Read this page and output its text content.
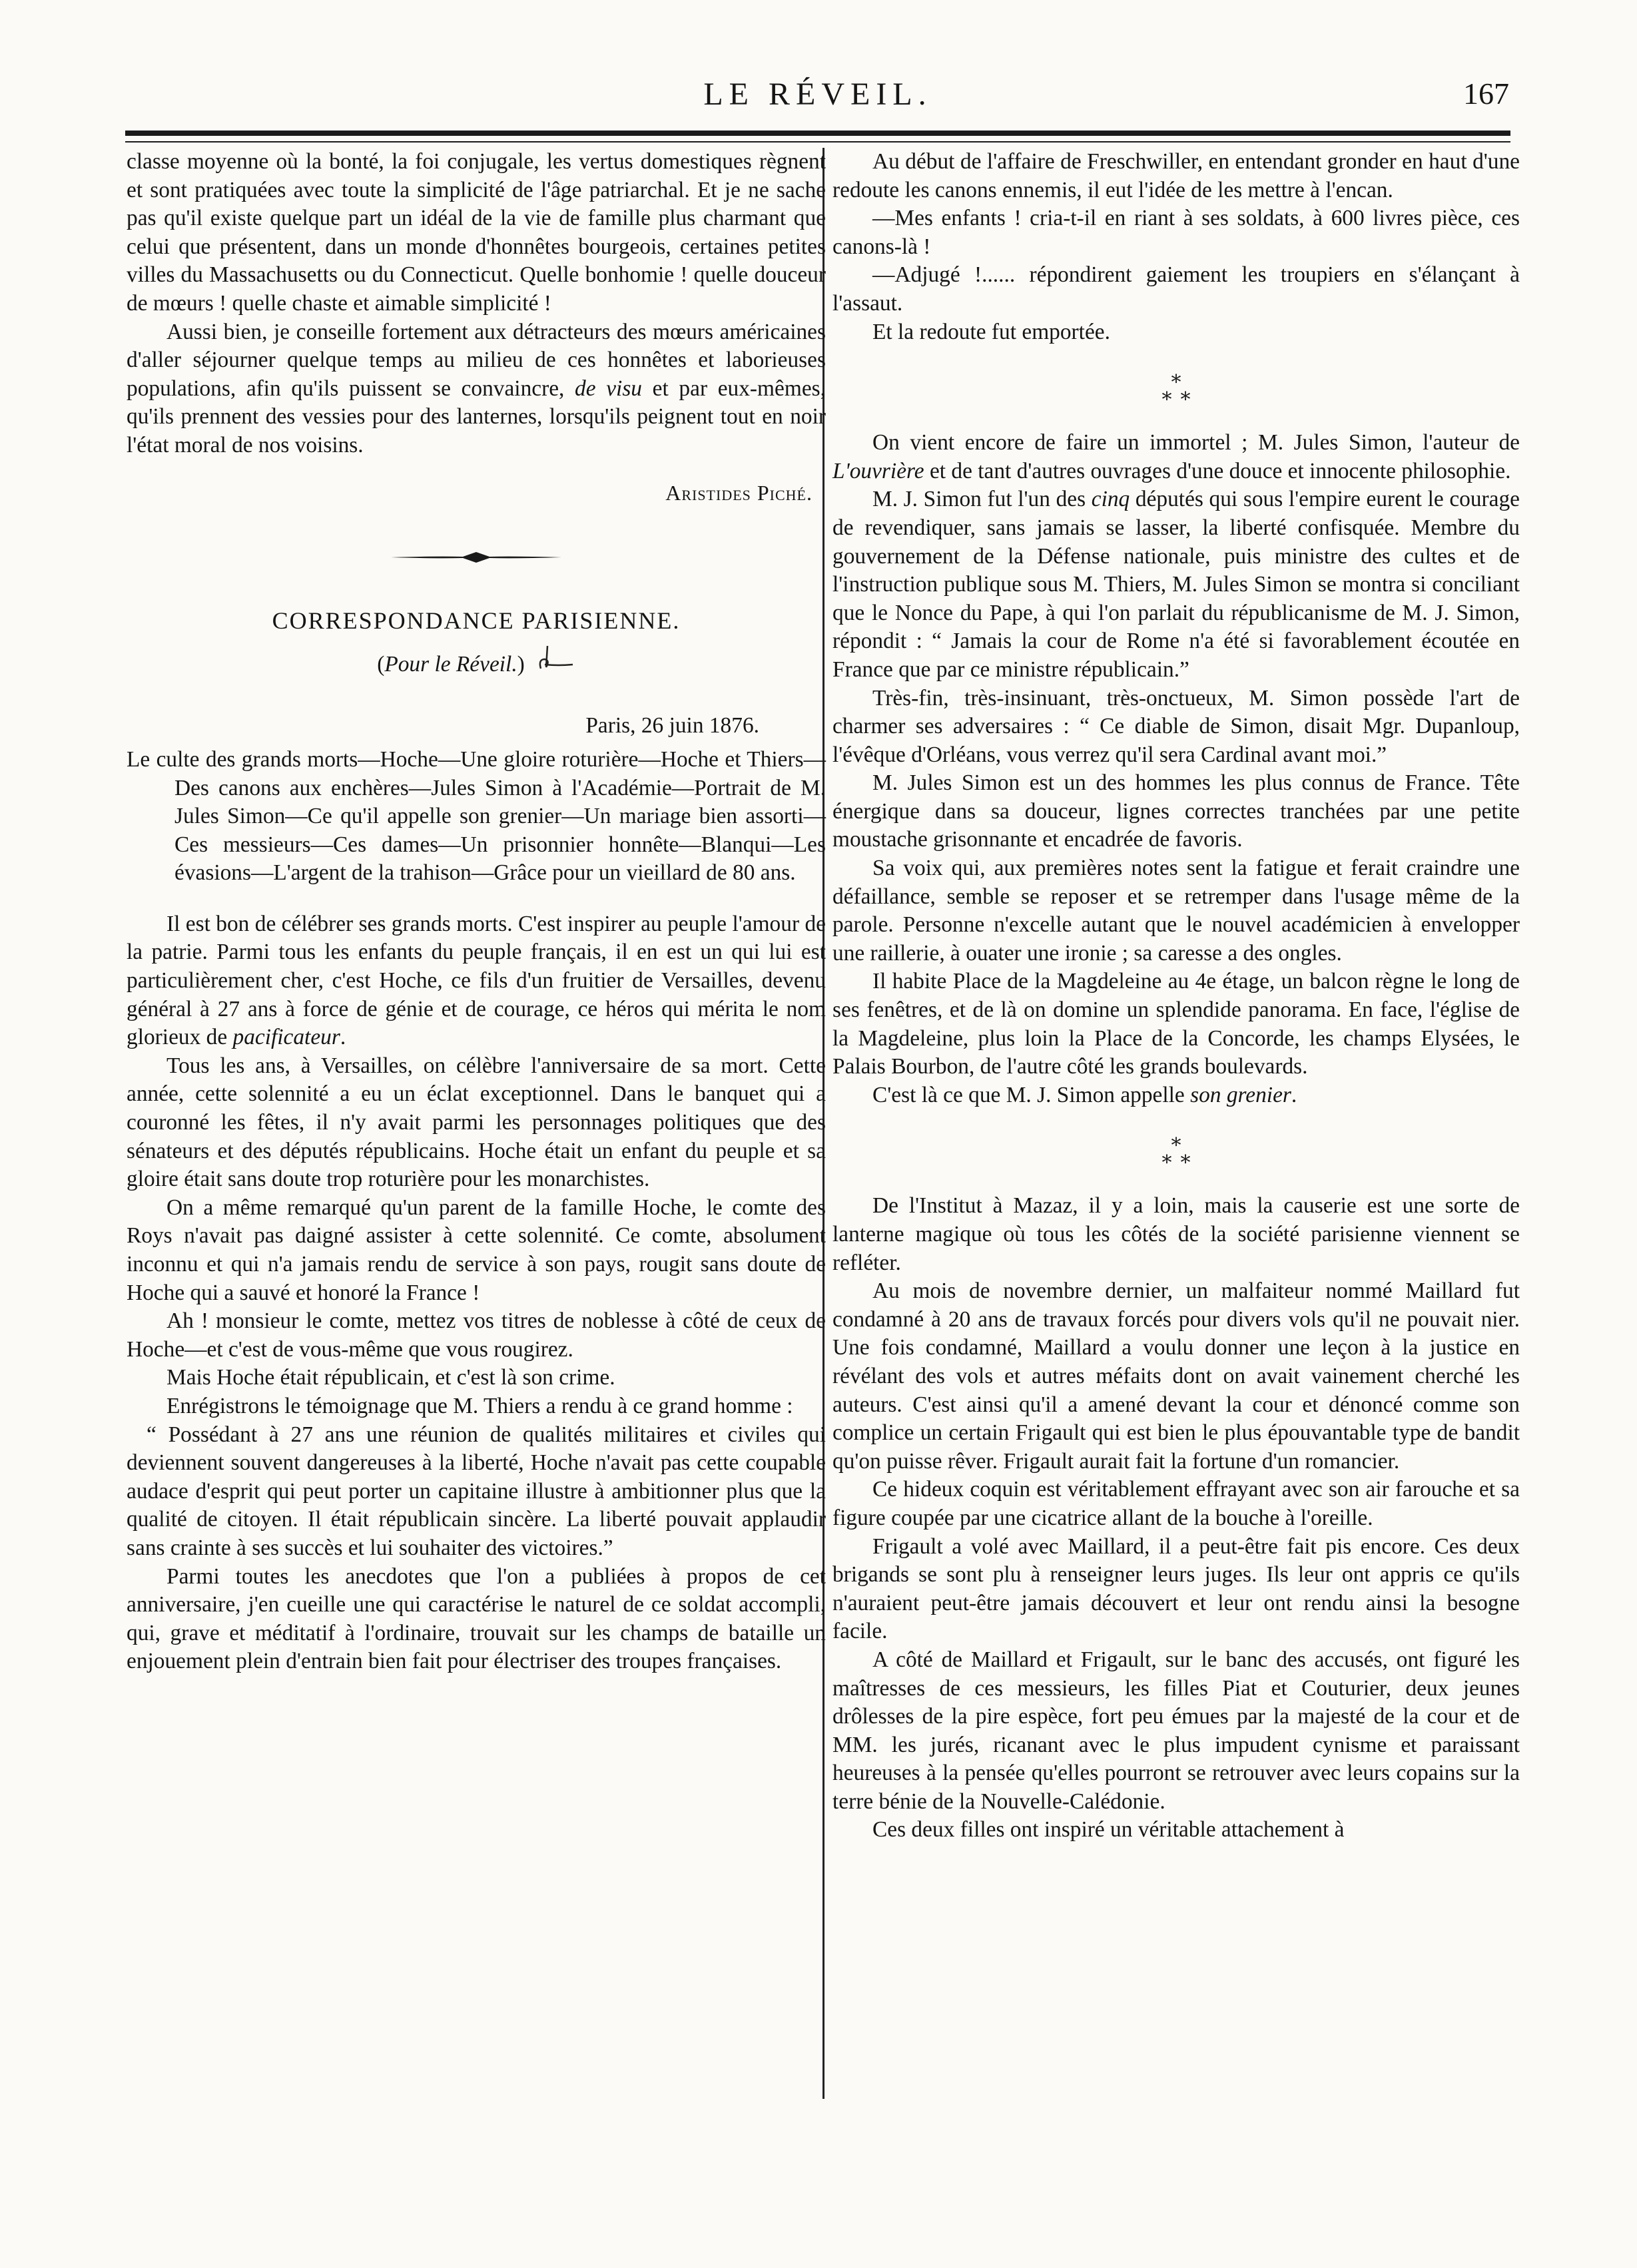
LE RÉVEIL.	167

classe moyenne où la bonté, la foi conjugale, les vertus domestiques règnent et sont pratiquées avec toute la simplicité de l'âge patriarchal. Et je ne sache pas qu'il existe quelque part un idéal de la vie de famille plus charmant que celui que présentent, dans un monde d'honnêtes bourgeois, certaines petites villes du Massachusetts ou du Connecticut. Quelle bonhomie ! quelle douceur de mœurs ! quelle chaste et aimable simplicité !

Aussi bien, je conseille fortement aux détracteurs des mœurs américaines d'aller séjourner quelque temps au milieu de ces honnêtes et laborieuses populations, afin qu'ils puissent se convaincre, de visu et par eux-mêmes, qu'ils prennent des vessies pour des lanternes, lorsqu'ils peignent tout en noir l'état moral de nos voisins.

Aristides Piché.

CORRESPONDANCE PARISIENNE.
(Pour le Réveil.)

Paris, 26 juin 1876.

Le culte des grands morts—Hoche—Une gloire roturière—Hoche et Thiers—Des canons aux enchères—Jules Simon à l'Académie—Portrait de M. Jules Simon—Ce qu'il appelle son grenier—Un mariage bien assorti—Ces messieurs—Ces dames—Un prisonnier honnête—Blanqui—Les évasions—L'argent de la trahison—Grâce pour un vieillard de 80 ans.

Il est bon de célébrer ses grands morts. C'est inspirer au peuple l'amour de la patrie. Parmi tous les enfants du peuple français, il en est un qui lui est particulièrement cher, c'est Hoche, ce fils d'un fruitier de Versailles, devenu général à 27 ans à force de génie et de courage, ce héros qui mérita le nom glorieux de pacificateur.

Tous les ans, à Versailles, on célèbre l'anniversaire de sa mort. Cette année, cette solennité a eu un éclat exceptionnel. Dans le banquet qui a couronné les fêtes, il n'y avait parmi les personnages politiques que des sénateurs et des députés républicains. Hoche était un enfant du peuple et sa gloire était sans doute trop roturière pour les monarchistes.

On a même remarqué qu'un parent de la famille Hoche, le comte des Roys n'avait pas daigné assister à cette solennité. Ce comte, absolument inconnu et qui n'a jamais rendu de service à son pays, rougit sans doute de Hoche qui a sauvé et honoré la France !

Ah ! monsieur le comte, mettez vos titres de noblesse à côté de ceux de Hoche—et c'est de vous-même que vous rougirez.

Mais Hoche était républicain, et c'est là son crime.

Enrégistrons le témoignage que M. Thiers a rendu à ce grand homme :

“ Possédant à 27 ans une réunion de qualités militaires et civiles qui deviennent souvent dangereuses à la liberté, Hoche n'avait pas cette coupable audace d'esprit qui peut porter un capitaine illustre à ambitionner plus que la qualité de citoyen. Il était républicain sincère. La liberté pouvait applaudir sans crainte à ses succès et lui souhaiter des victoires.”

Parmi toutes les anecdotes que l'on a publiées à propos de cet anniversaire, j'en cueille une qui caractérise le naturel de ce soldat accompli, qui, grave et méditatif à l'ordinaire, trouvait sur les champs de bataille un enjouement plein d'entrain bien fait pour électriser des troupes françaises.

Au début de l'affaire de Freschwiller, en entendant gronder en haut d'une redoute les canons ennemis, il eut l'idée de les mettre à l'encan.

—Mes enfants ! cria-t-il en riant à ses soldats, à 600 livres pièce, ces canons-là !

—Adjugé !...... répondirent gaiement les troupiers en s'élançant à l'assaut.

Et la redoute fut emportée.

*
* *

On vient encore de faire un immortel ; M. Jules Simon, l'auteur de L'ouvrière et de tant d'autres ouvrages d'une douce et innocente philosophie.

M. J. Simon fut l'un des cinq députés qui sous l'empire eurent le courage de revendiquer, sans jamais se lasser, la liberté confisquée. Membre du gouvernement de la Défense nationale, puis ministre des cultes et de l'instruction publique sous M. Thiers, M. Jules Simon se montra si conciliant que le Nonce du Pape, à qui l'on parlait du républicanisme de M. J. Simon, répondit : “ Jamais la cour de Rome n'a été si favorablement écoutée en France que par ce ministre républicain.”

Très-fin, très-insinuant, très-onctueux, M. Simon possède l'art de charmer ses adversaires : “ Ce diable de Simon, disait Mgr. Dupanloup, l'évêque d'Orléans, vous verrez qu'il sera Cardinal avant moi.”

M. Jules Simon est un des hommes les plus connus de France. Tête énergique dans sa douceur, lignes correctes tranchées par une petite moustache grisonnante et encadrée de favoris.

Sa voix qui, aux premières notes sent la fatigue et ferait craindre une défaillance, semble se reposer et se retremper dans l'usage même de la parole. Personne n'excelle autant que le nouvel académicien à envelopper une raillerie, à ouater une ironie ; sa caresse a des ongles.

Il habite Place de la Magdeleine au 4e étage, un balcon règne le long de ses fenêtres, et de là on domine un splendide panorama. En face, l'église de la Magdeleine, plus loin la Place de la Concorde, les champs Elysées, le Palais Bourbon, de l'autre côté les grands boulevards.

C'est là ce que M. J. Simon appelle son grenier.

*
* *

De l'Institut à Mazaz, il y a loin, mais la causerie est une sorte de lanterne magique où tous les côtés de la société parisienne viennent se refléter.

Au mois de novembre dernier, un malfaiteur nommé Maillard fut condamné à 20 ans de travaux forcés pour divers vols qu'il ne pouvait nier. Une fois condamné, Maillard a voulu donner une leçon à la justice en révélant des vols et autres méfaits dont on avait vainement cherché les auteurs. C'est ainsi qu'il a amené devant la cour et dénoncé comme son complice un certain Frigault qui est bien le plus épouvantable type de bandit qu'on puisse rêver. Frigault aurait fait la fortune d'un romancier.

Ce hideux coquin est véritablement effrayant avec son air farouche et sa figure coupée par une cicatrice allant de la bouche à l'oreille.

Frigault a volé avec Maillard, il a peut-être fait pis encore. Ces deux brigands se sont plu à renseigner leurs juges. Ils leur ont appris ce qu'ils n'auraient peut-être jamais découvert et leur ont rendu ainsi la besogne facile.

A côté de Maillard et Frigault, sur le banc des accusés, ont figuré les maîtresses de ces messieurs, les filles Piat et Couturier, deux jeunes drôlesses de la pire espèce, fort peu émues par la majesté de la cour et de MM. les jurés, ricanant avec le plus impudent cynisme et paraissant heureuses à la pensée qu'elles pourront se retrouver avec leurs copains sur la terre bénie de la Nouvelle-Calédonie.

Ces deux filles ont inspiré un véritable attachement à
